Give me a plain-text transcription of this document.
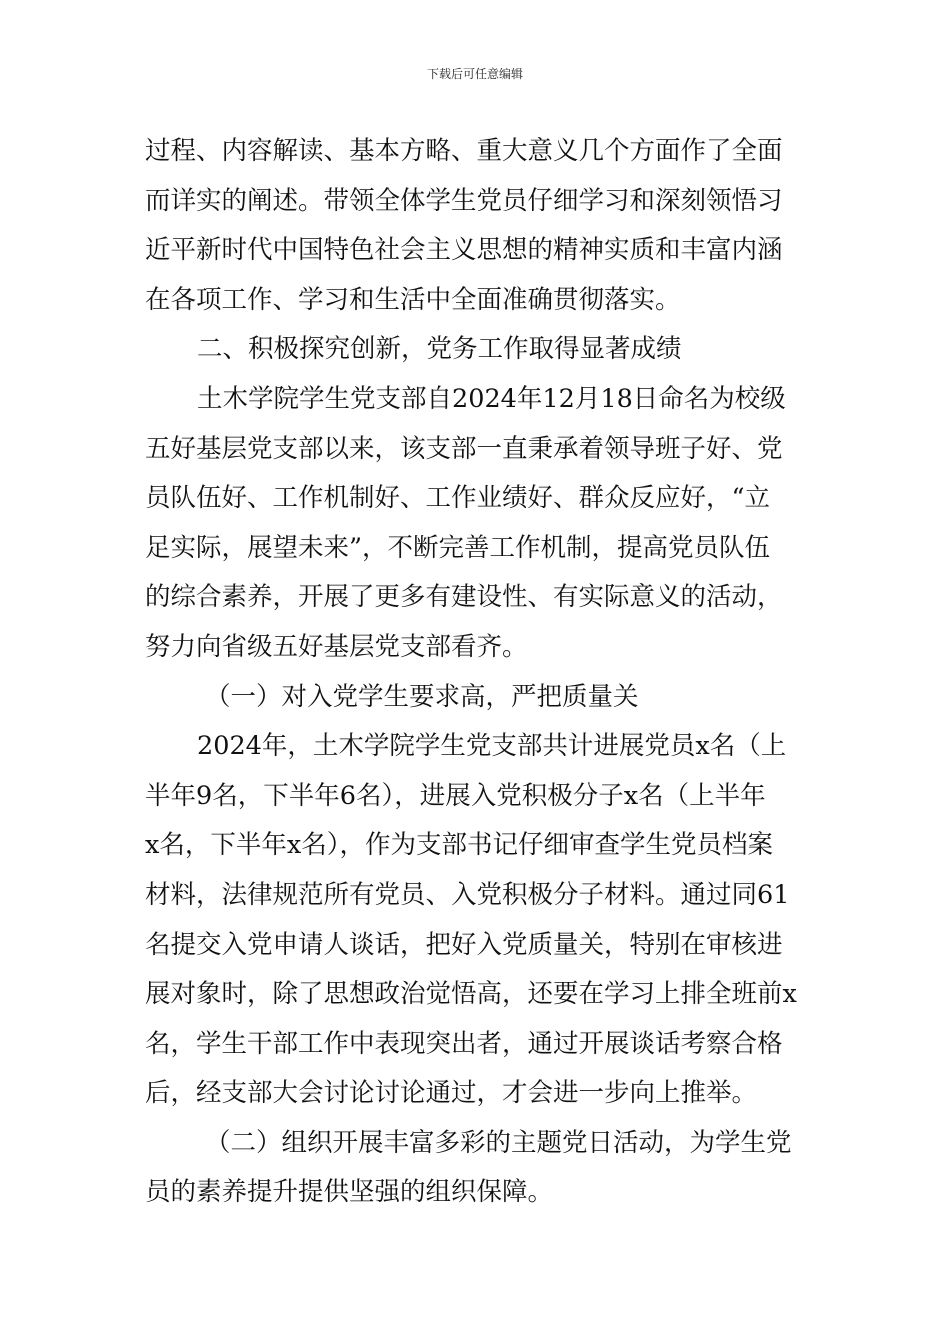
下载后可任意编辑
过程、内容解读、基本方略、重大意义几个方面作了全面
而详实的阐述。带领全体学生党员仔细学习和深刻领悟习
近平新时代中国特色社会主义思想的精神实质和丰富内涵
在各项工作、学习和生活中全面准确贯彻落实。
二、积极探究创新，党务工作取得显著成绩
土木学院学生党支部自2024年12月18日命名为校级
五好基层党支部以来，该支部一直秉承着领导班子好、党
员队伍好、工作机制好、工作业绩好、群众反应好，“立
足实际，展望未来”，不断完善工作机制，提高党员队伍
的综合素养，开展了更多有建设性、有实际意义的活动，
努力向省级五好基层党支部看齐。
（一）对入党学生要求高，严把质量关
2024年，土木学院学生党支部共计进展党员x名（上
半年9名，下半年6名），进展入党积极分子x名（上半年
x名，下半年x名），作为支部书记仔细审查学生党员档案
材料，法律规范所有党员、入党积极分子材料。通过同61
名提交入党申请人谈话，把好入党质量关，特别在审核进
展对象时，除了思想政治觉悟高，还要在学习上排全班前x
名，学生干部工作中表现突出者，通过开展谈话考察合格
后，经支部大会讨论讨论通过，才会进一步向上推举。
（二）组织开展丰富多彩的主题党日活动，为学生党
员的素养提升提供坚强的组织保障。
